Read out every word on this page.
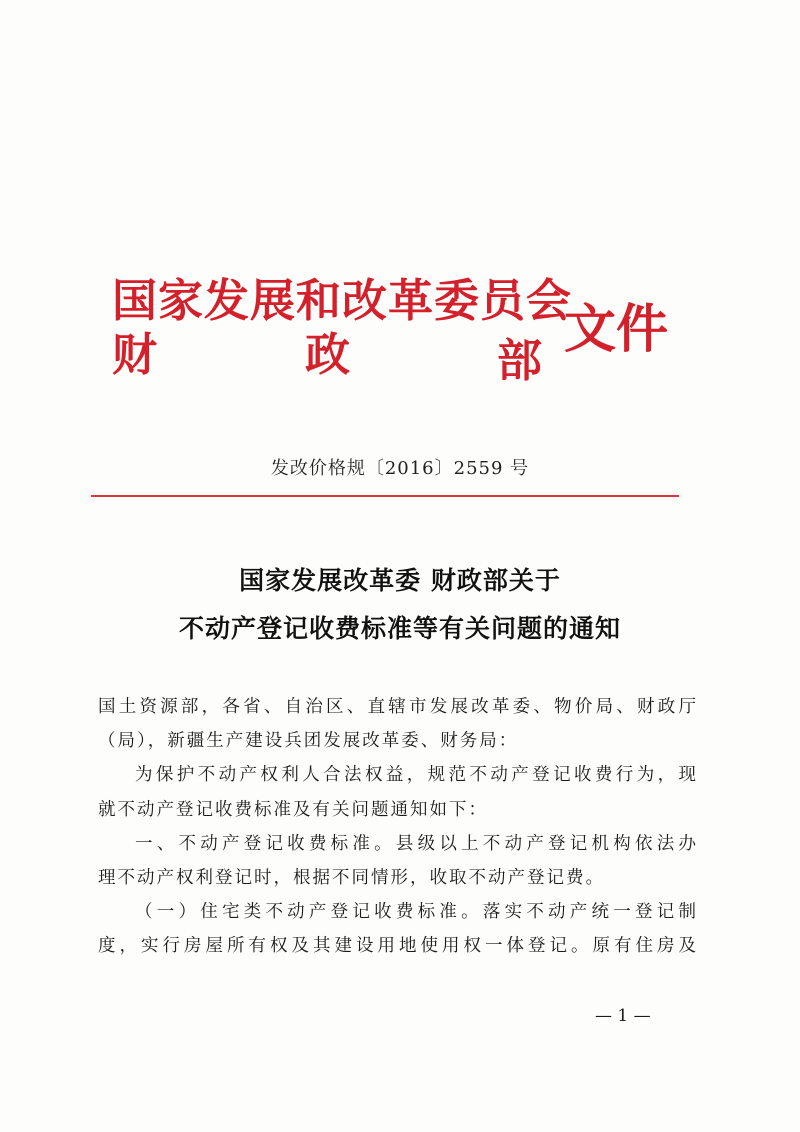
国家发展和改革委员会
财	政	部
文件
发改价格规〔2016〕2559 号
国家发展改革委 财政部关于
不动产登记收费标准等有关问题的通知
国土资源部，各省、自治区、直辖市发展改革委、物价局、财政厅
（局），新疆生产建设兵团发展改革委、财务局：
为保护不动产权利人合法权益，规范不动产登记收费行为，现
就不动产登记收费标准及有关问题通知如下：
一、不动产登记收费标准。县级以上不动产登记机构依法办
理不动产权利登记时，根据不同情形，收取不动产登记费。
（一）住宅类不动产登记收费标准。落实不动产统一登记制
度，实行房屋所有权及其建设用地使用权一体登记。原有住房及
— 1 —
